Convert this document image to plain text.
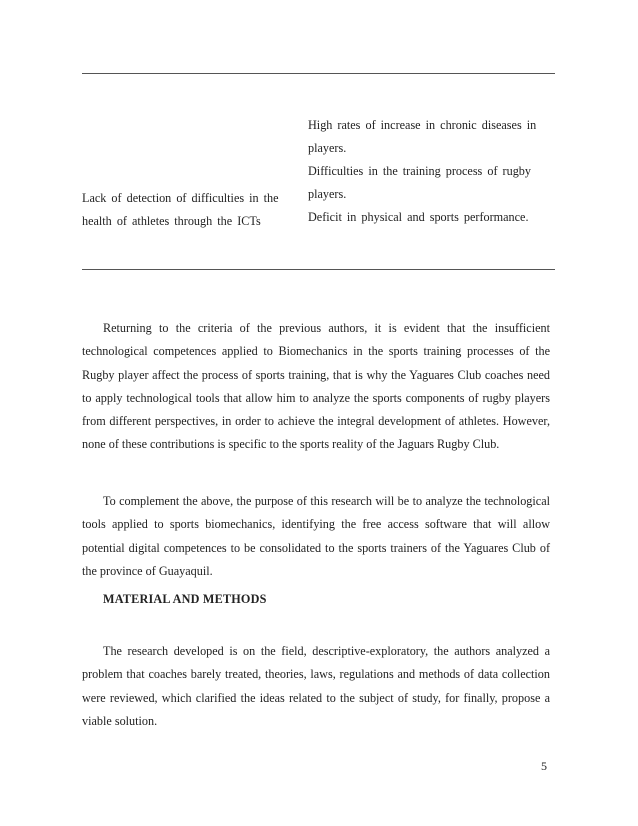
Lack of detection of difficulties in the health of athletes through the ICTs
High rates of increase in chronic diseases in players.
Difficulties in the training process of rugby players.
Deficit in physical and sports performance.

Returning to the criteria of the previous authors, it is evident that the insufficient technological competences applied to Biomechanics in the sports training processes of the Rugby player affect the process of sports training, that is why the Yaguares Club coaches need to apply technological tools that allow him to analyze the sports components of rugby players from different perspectives, in order to achieve the integral development of athletes. However, none of these contributions is specific to the sports reality of the Jaguars Rugby Club.

To complement the above, the purpose of this research will be to analyze the technological tools applied to sports biomechanics, identifying the free access software that will allow potential digital competences to be consolidated to the sports trainers of the Yaguares Club of the province of Guayaquil.

MATERIAL AND METHODS

The research developed is on the field, descriptive-exploratory, the authors analyzed a problem that coaches barely treated, theories, laws, regulations and methods of data collection were reviewed, which clarified the ideas related to the subject of study, for finally, propose a viable solution.

5
